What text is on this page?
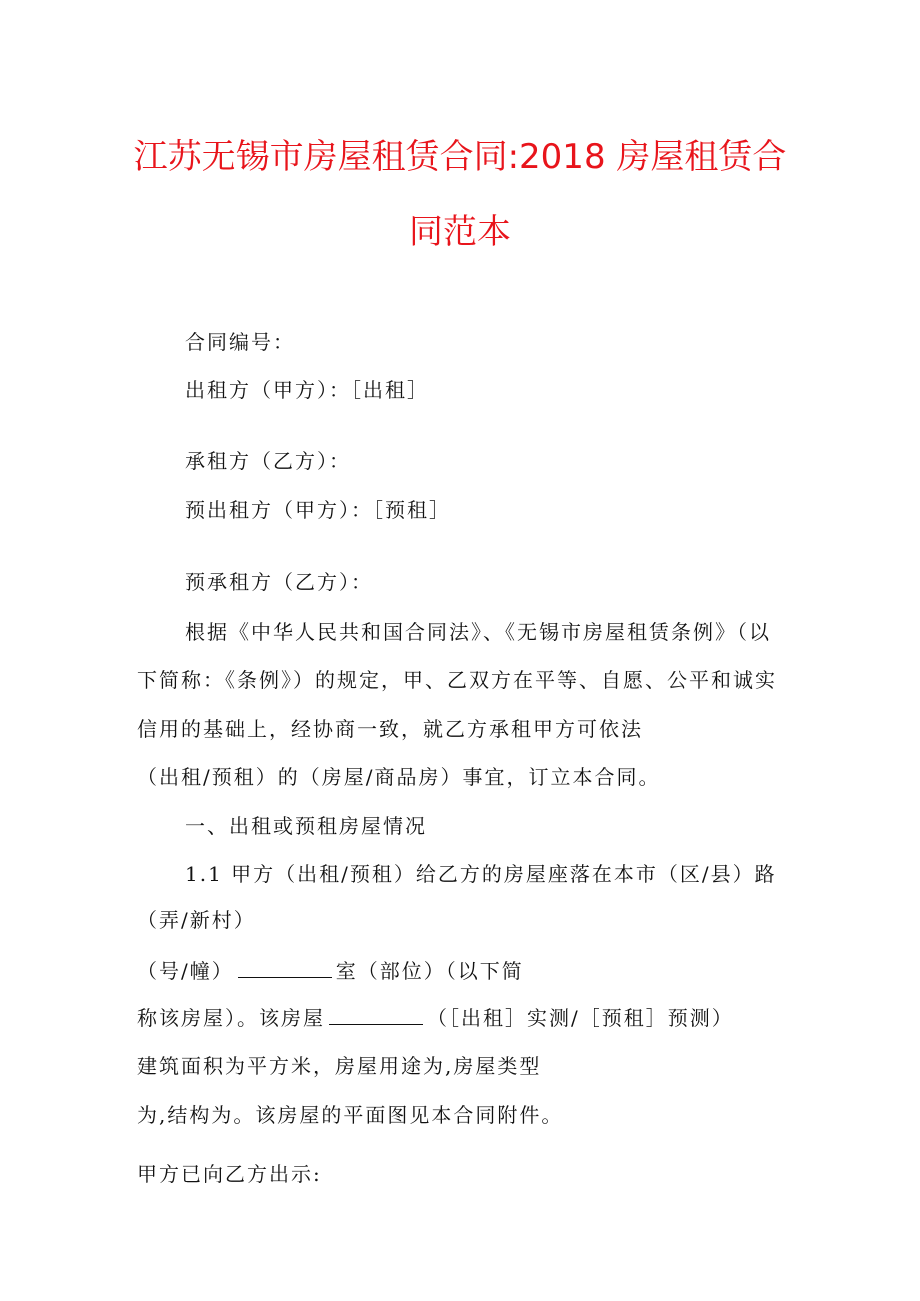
江苏无锡市房屋租赁合同:2018 房屋租赁合
同范本
合同编号：
出租方（甲方）：［出租］
承租方（乙方）：
预出租方（甲方）：［预租］
预承租方（乙方）：
根据《中华人民共和国合同法》、《无锡市房屋租赁条例》（以
下简称：《条例》）的规定，甲、乙双方在平等、自愿、公平和诚实
信用的基础上，经协商一致，就乙方承租甲方可依法
（出租/预租）的（房屋/商品房）事宜，订立本合同。
一、出租或预租房屋情况
1.1 甲方（出租/预租）给乙方的房屋座落在本市（区/县）路
（弄/新村）
（号/幢）	室（部位）（以下简
称该房屋）。该房屋	（［出租］实测/［预租］预测）
建筑面积为平方米，房屋用途为,房屋类型
为,结构为。该房屋的平面图见本合同附件。
甲方已向乙方出示:
